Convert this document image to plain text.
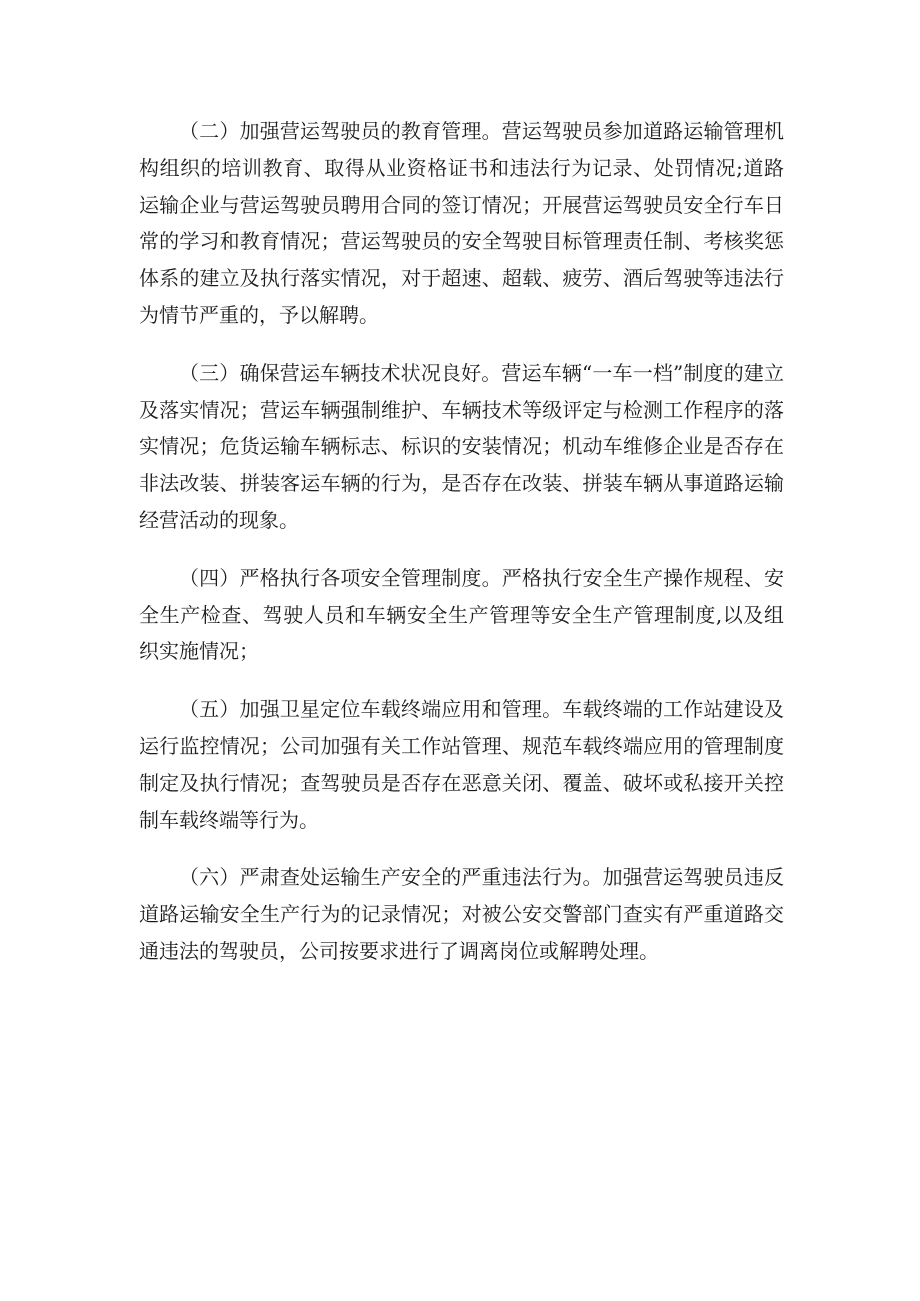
（二）加强营运驾驶员的教育管理。营运驾驶员参加道路运输管理机构组织的培训教育、取得从业资格证书和违法行为记录、处罚情况;道路运输企业与营运驾驶员聘用合同的签订情况；开展营运驾驶员安全行车日常的学习和教育情况；营运驾驶员的安全驾驶目标管理责任制、考核奖惩体系的建立及执行落实情况，对于超速、超载、疲劳、酒后驾驶等违法行为情节严重的，予以解聘。

（三）确保营运车辆技术状况良好。营运车辆“一车一档”制度的建立及落实情况；营运车辆强制维护、车辆技术等级评定与检测工作程序的落实情况；危货运输车辆标志、标识的安装情况；机动车维修企业是否存在非法改装、拼装客运车辆的行为，是否存在改装、拼装车辆从事道路运输经营活动的现象。

（四）严格执行各项安全管理制度。严格执行安全生产操作规程、安全生产检查、驾驶人员和车辆安全生产管理等安全生产管理制度,以及组织实施情况；

（五）加强卫星定位车载终端应用和管理。车载终端的工作站建设及运行监控情况；公司加强有关工作站管理、规范车载终端应用的管理制度制定及执行情况；查驾驶员是否存在恶意关闭、覆盖、破坏或私接开关控制车载终端等行为。

（六）严肃查处运输生产安全的严重违法行为。加强营运驾驶员违反道路运输安全生产行为的记录情况；对被公安交警部门查实有严重道路交通违法的驾驶员，公司按要求进行了调离岗位或解聘处理。
